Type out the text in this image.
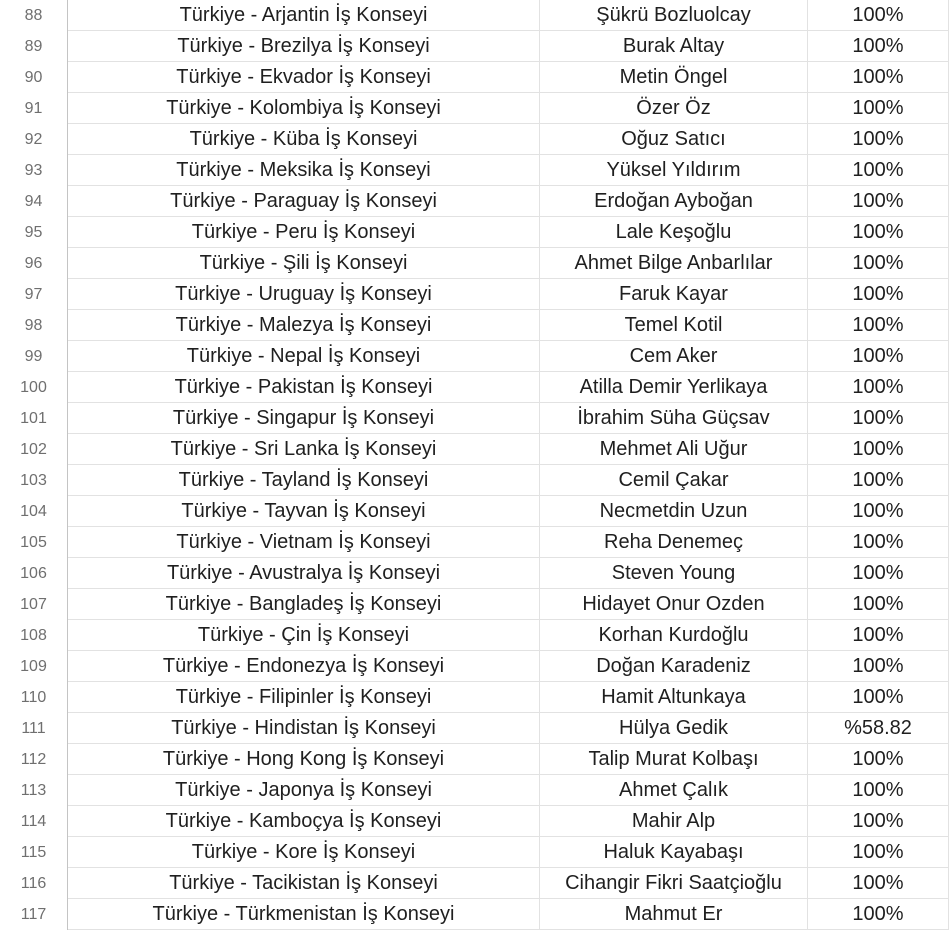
88	Türkiye - Arjantin İş Konseyi	Şükrü Bozluolcay	100%
89	Türkiye - Brezilya İş Konseyi	Burak Altay	100%
90	Türkiye - Ekvador İş Konseyi	Metin Öngel	100%
91	Türkiye - Kolombiya İş Konseyi	Özer Öz	100%
92	Türkiye - Küba İş Konseyi	Oğuz Satıcı	100%
93	Türkiye - Meksika İş Konseyi	Yüksel Yıldırım	100%
94	Türkiye - Paraguay İş Konseyi	Erdoğan Ayboğan	100%
95	Türkiye - Peru İş Konseyi	Lale Keşoğlu	100%
96	Türkiye - Şili İş Konseyi	Ahmet Bilge Anbarlılar	100%
97	Türkiye - Uruguay İş Konseyi	Faruk Kayar	100%
98	Türkiye - Malezya İş Konseyi	Temel Kotil	100%
99	Türkiye - Nepal İş Konseyi	Cem Aker	100%
100	Türkiye - Pakistan İş Konseyi	Atilla Demir Yerlikaya	100%
101	Türkiye - Singapur İş Konseyi	İbrahim Süha Güçsav	100%
102	Türkiye - Sri Lanka İş Konseyi	Mehmet Ali Uğur	100%
103	Türkiye - Tayland İş Konseyi	Cemil Çakar	100%
104	Türkiye - Tayvan İş Konseyi	Necmetdin Uzun	100%
105	Türkiye - Vietnam İş Konseyi	Reha Denemeç	100%
106	Türkiye - Avustralya İş Konseyi	Steven Young	100%
107	Türkiye - Bangladeş İş Konseyi	Hidayet Onur Ozden	100%
108	Türkiye - Çin İş Konseyi	Korhan Kurdoğlu	100%
109	Türkiye - Endonezya İş Konseyi	Doğan Karadeniz	100%
110	Türkiye - Filipinler İş Konseyi	Hamit Altunkaya	100%
111	Türkiye - Hindistan İş Konseyi	Hülya Gedik	%58.82
112	Türkiye - Hong Kong İş Konseyi	Talip Murat Kolbaşı	100%
113	Türkiye - Japonya İş Konseyi	Ahmet Çalık	100%
114	Türkiye - Kamboçya İş Konseyi	Mahir Alp	100%
115	Türkiye - Kore İş Konseyi	Haluk Kayabaşı	100%
116	Türkiye - Tacikistan İş Konseyi	Cihangir Fikri Saatçioğlu	100%
117	Türkiye - Türkmenistan İş Konseyi	Mahmut Er	100%
